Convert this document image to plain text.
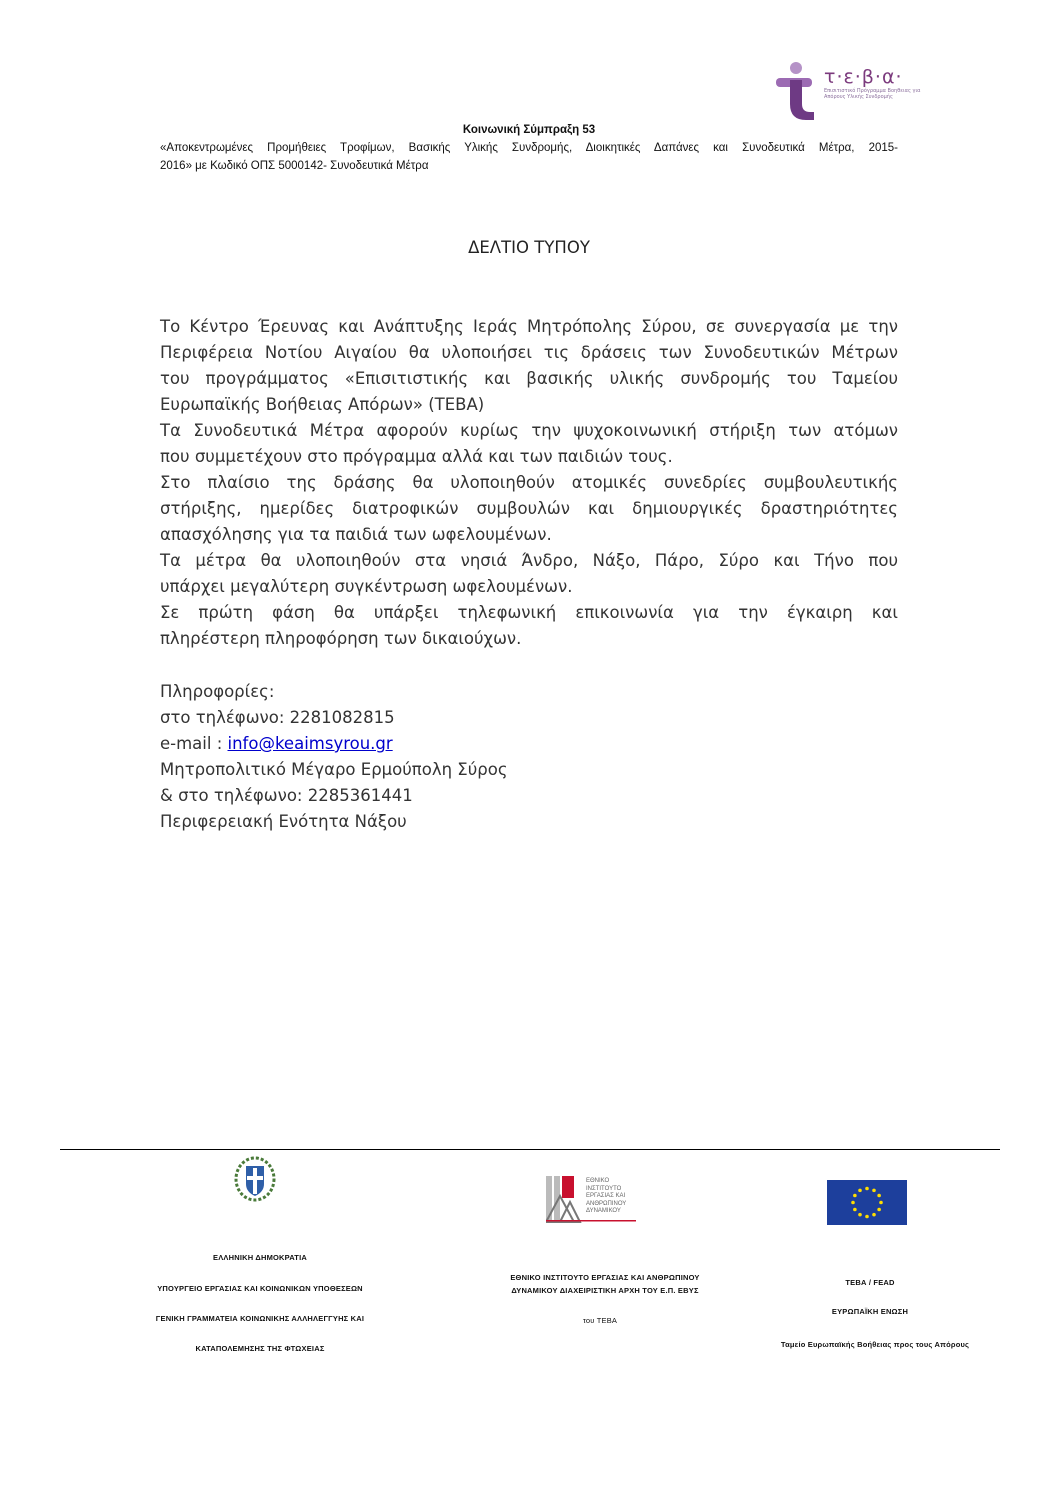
τ·ε·β·α·
Επισιτιστικό Πρόγραμμα Βοηθειας για Απόρους Υλικής Συνδρομής
Κοινωνική Σύμπραξη 53
«Αποκεντρωμένες Προμήθειες Τροφίμων, Βασικής Υλικής Συνδρομής, Διοικητικές Δαπάνες και Συνοδευτικά Μέτρα, 2015-
2016» με Κωδικό ΟΠΣ 5000142- Συνοδευτικά Μέτρα
ΔΕΛΤΙΟ ΤΥΠΟΥ
Το Κέντρο Έρευνας και Ανάπτυξης Ιεράς Μητρόπολης Σύρου, σε συνεργασία με την
Περιφέρεια Νοτίου Αιγαίου θα υλοποιήσει τις δράσεις των Συνοδευτικών Μέτρων
του προγράμματος «Επισιτιστικής και βασικής υλικής συνδρομής του Ταμείου
Ευρωπαϊκής Βοήθειας Απόρων» (ΤΕΒΑ)
Τα Συνοδευτικά Μέτρα αφορούν κυρίως την ψυχοκοινωνική στήριξη των ατόμων
που συμμετέχουν στο πρόγραμμα αλλά και των παιδιών τους.
Στο πλαίσιο της δράσης θα υλοποιηθούν ατομικές συνεδρίες συμβουλευτικής
στήριξης, ημερίδες διατροφικών συμβουλών και δημιουργικές δραστηριότητες
απασχόλησης για τα παιδιά των ωφελουμένων.
Τα μέτρα θα υλοποιηθούν στα νησιά Άνδρο, Νάξο, Πάρο, Σύρο και Τήνο που
υπάρχει μεγαλύτερη συγκέντρωση ωφελουμένων.
Σε πρώτη φάση θα υπάρξει τηλεφωνική επικοινωνία για την έγκαιρη και
πληρέστερη πληροφόρηση των δικαιούχων.
Πληροφορίες:
στο τηλέφωνο: 2281082815
e-mail : info@keaimsyrou.gr
Μητροπολιτικό Μέγαρο Ερμούπολη Σύρος
& στο τηλέφωνο: 2285361441
Περιφερειακή Ενότητα Νάξου
ΕΘΝΙΚΟ ΙΝΣΤΙΤΟΥΤΟ ΕΡΓΑΣΙΑΣ ΚΑΙ ΑΝΘΡΩΠΙΝΟΥ ΔΥΝΑΜΙΚΟΥ
ΕΛΛΗΝΙΚΗ ΔΗΜΟΚΡΑΤΙΑ
ΥΠΟΥΡΓΕΙΟ ΕΡΓΑΣΙΑΣ ΚΑΙ ΚΟΙΝΩΝΙΚΩΝ ΥΠΟΘΕΣΕΩΝ
ΓΕΝΙΚΗ ΓΡΑΜΜΑΤΕΙΑ ΚΟΙΝΩΝΙΚΗΣ ΑΛΛΗΛΕΓΓΥΗΣ ΚΑΙ
ΚΑΤΑΠΟΛΕΜΗΣΗΣ ΤΗΣ ΦΤΩΧΕΙΑΣ
ΕΘΝΙΚΟ ΙΝΣΤΙΤΟΥΤΟ ΕΡΓΑΣΙΑΣ ΚΑΙ ΑΝΘΡΩΠΙΝΟΥ
ΔΥΝΑΜΙΚΟΥ ΔΙΑΧΕΙΡΙΣΤΙΚΗ ΑΡΧΗ ΤΟΥ Ε.Π. ΕΒΥΣ
του ΤΕΒΑ
ΤΕΒΑ / FEAD
ΕΥΡΩΠΑΪΚΗ ΕΝΩΣΗ
Ταμείο Ευρωπαϊκής Βοήθειας προς τους Απόρους
